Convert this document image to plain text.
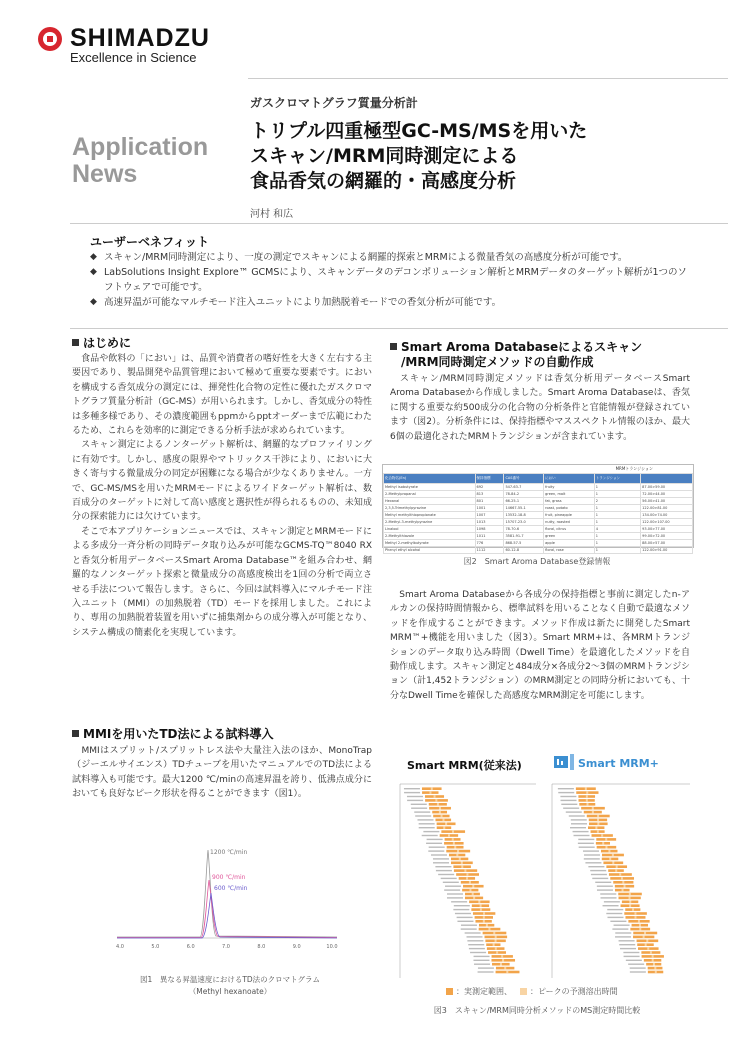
SHIMADZU
Excellence in Science
ガスクロマトグラフ質量分析計
Application
News
トリプル四重極型GC-MS/MSを用いた
スキャン/MRM同時測定による
食品香気の網羅的・高感度分析
河村 和広
ユーザーベネフィット
◆ スキャン/MRM同時測定により、一度の測定でスキャンによる網羅的探索とMRMによる微量香気の高感度分析が可能です。
◆ LabSolutions Insight Explore™ GCMSにより、スキャンデータのデコンボリューション解析とMRMデータのターゲット解析が1つのソフトウェアで可能です。
◆ 高速昇温が可能なマルチモード注入ユニットにより加熱脱着モードでの香気分析が可能です。
はじめに
　食品や飲料の「におい」は、品質や消費者の嗜好性を大きく左右する主要因であり、製品開発や品質管理において極めて重要な要素です。においを構成する香気成分の測定には、揮発性化合物の定性に優れたガスクロマトグラフ質量分析計（GC-MS）が用いられます。しかし、香気成分の特性は多種多様であり、その濃度範囲もppmからpptオーダーまで広範にわたるため、これらを効率的に測定できる分析手法が求められています。
　スキャン測定によるノンターゲット解析は、網羅的なプロファイリングに有効です。しかし、感度の限界やマトリックス干渉により、においに大きく寄与する微量成分の同定が困難になる場合が少なくありません。一方で、GC-MS/MSを用いたMRMモードによるワイドターゲット解析は、数百成分のターゲットに対して高い感度と選択性が得られるものの、未知成分の探索能力には欠けています。
　そこで本アプリケーションニュースでは、スキャン測定とMRMモードによる多成分一斉分析の同時データ取り込みが可能なGCMS-TQ™8040 RXと香気分析用データベースSmart Aroma Database™を組み合わせ、網羅的なノンターゲット探索と微量成分の高感度検出を1回の分析で両立させる手法について報告します。さらに、今回は試料導入にマルチモード注入ユニット（MMI）の加熱脱着（TD）モードを採用しました。これにより、専用の加熱脱着装置を用いずに捕集剤からの成分導入が可能となり、システム構成の簡素化を実現しています。
MMIを用いたTD法による試料導入
　MMIはスプリット/スプリットレス法や大量注入法のほか、MonoTrap（ジーエルサイエンス）TDチューブを用いたマニュアルでのTD法による試料導入も可能です。最大1200 ℃/minの高速昇温を誇り、低沸点成分においても良好なピーク形状を得ることができます（図1）。
1200 ℃/min
900 ℃/min
600 ℃/min
4.0	5.0	6.0	7.0	8.0	9.0	10.0
図1　異なる昇温速度におけるTD法のクロマトグラム
（Methyl hexanoate）
Smart Aroma Databaseによるスキャン
/MRM同時測定メソッドの自動作成
　スキャン/MRM同時測定メソッドは香気分析用データベースSmart Aroma Databaseから作成しました。Smart Aroma Databaseは、香気に関する重要な約500成分の化合物の分析条件と官能情報が登録されています（図2）。分析条件には、保持指標やマススペクトル情報のほか、最大6個の最適化されたMRMトランジションが含まれています。
MRMトランジション
化合物名(En)	保持指標	CAS番号	におい	トランジション	
Methyl isobutyrate	692	547-63-7	fruity	1	87.00>59.00
2-Methylpropanal	813	78-84-2	green, malt	1	72.00>44.00
Hexanal	801	66-25-1	fat, grass	2	56.00>41.00
2,3,5-Trimethylpyrazine	1001	14667-55-1	roast, potato	1	122.00>81.00
Methyl methylthiopropionate	1007	13532-18-8	fruit, pineapple	1	134.00>74.00
2-Methyl-3-methylpyrazine	1013	15707-23-0	nutty, roasted	1	122.00>107.00
Linalool	1098	78-70-6	floral, citrus	4	93.00>77.00
2-Methylthiazole	1011	3581-91-7	green	1	99.00>72.00
Methyl 2-methylbutyrate	776	868-57-5	apple	1	88.00>57.00
Phenyl ethyl alcohol	1112	60-12-8	floral, rose	1	122.00>91.00
図2　Smart Aroma Database登録情報
　Smart Aroma Databaseから各成分の保持指標と事前に測定したn-アルカンの保持時間情報から、標準試料を用いることなく自動で最適なメソッドを作成することができます。メソッド作成は新たに開発したSmart MRM™+機能を用いました（図3）。Smart MRM+は、各MRMトランジションのデータ取り込み時間（Dwell Time）を最適化したメソッドを自動作成します。スキャン測定と484成分×各成分2～3個のMRMトランジション（計1,452トランジション）のMRM測定との同時分析においても、十分なDwell Timeを確保した高感度なMRM測定を可能にします。
Smart MRM(従来法)	Smart MRM+
：実測定範囲、 ：ピークの予測溶出時間
図3　スキャン/MRM同時分析メソッドのMS測定時間比較
